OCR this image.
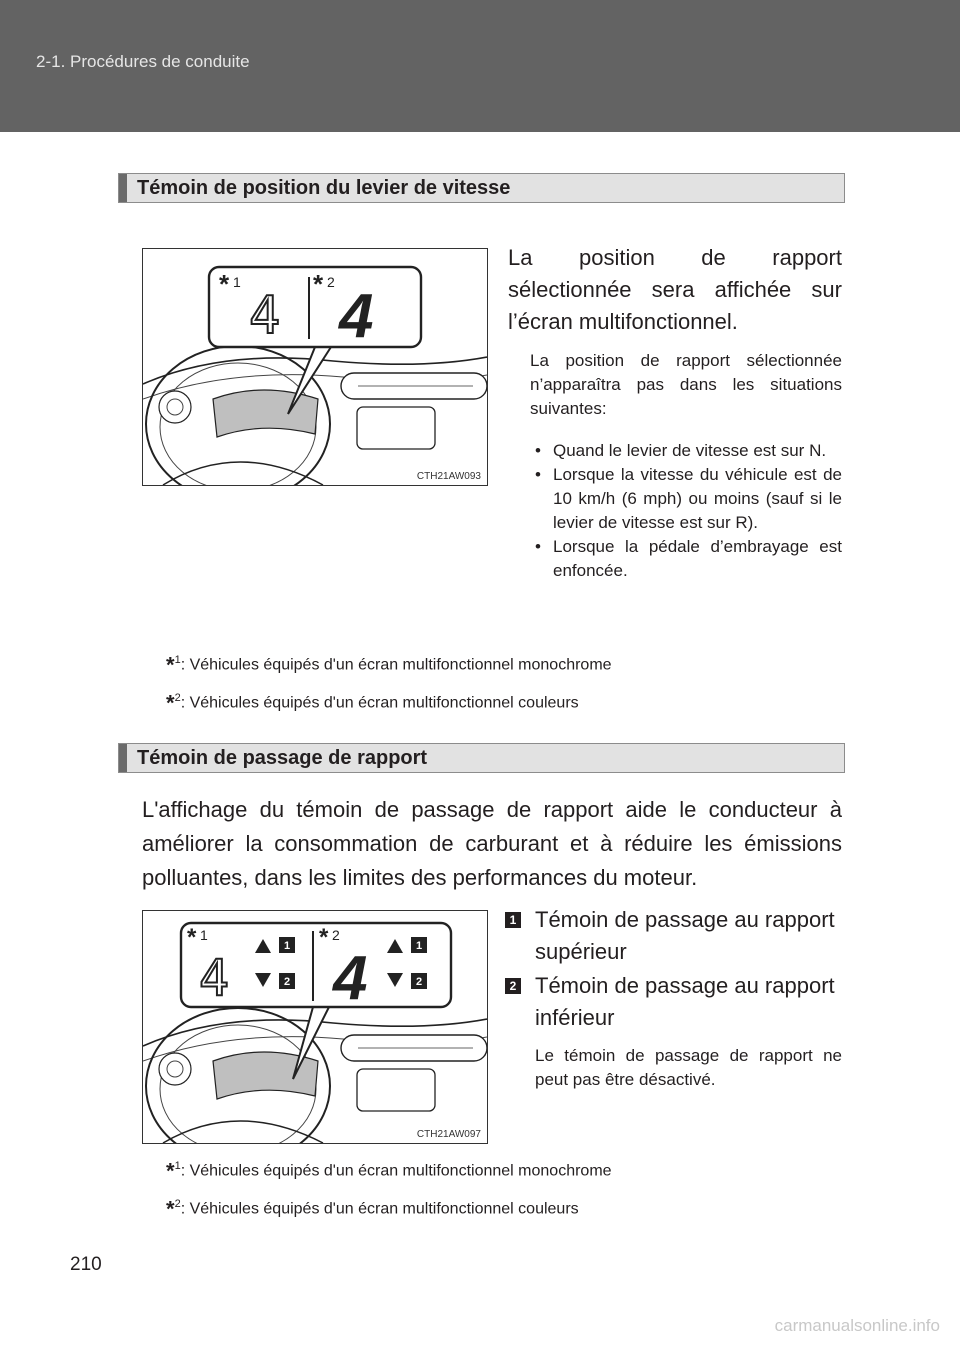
2-1. Procédures de conduite
Témoin de position du levier de vitesse
* 1	* 2
4 4
CTH21AW093
La position de rapport sélectionnée sera affichée sur l’écran multifonctionnel.
La position de rapport sélectionnée n’apparaîtra pas dans les situations suivantes:
• Quand le levier de vitesse est sur N.
• Lorsque la vitesse du véhicule est de 10 km/h (6 mph) ou moins (sauf si le levier de vitesse est sur R).
• Lorsque la pédale d’embrayage est enfoncée.
*$^1$: Véhicules équipés d'un écran multifonctionnel monochrome
*$^2$: Véhicules équipés d'un écran multifonctionnel couleurs
Témoin de passage de rapport
L'affichage du témoin de passage de rapport aide le conducteur à améliorer la consommation de carburant et à réduire les émissions polluantes, dans les limites des performances du moteur.
* 1	* 2
4
1
2 4	1
2
CTH21AW097
1 Témoin de passage au rapport supérieur
2 Témoin de passage au rapport inférieur
Le témoin de passage de rapport ne peut pas être désactivé.
*$^1$: Véhicules équipés d'un écran multifonctionnel monochrome
*$^2$: Véhicules équipés d'un écran multifonctionnel couleurs
210
carmanualsonline.info
